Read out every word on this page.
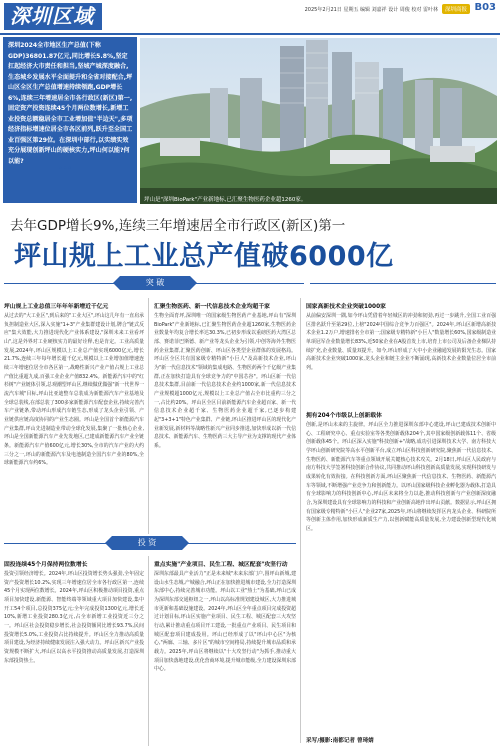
深圳区域	2025年2月21日 星期五 编辑 刘嘉祥 设计 周俊 校对 雷叶林	深圳商报 B03
深圳2024全市地区生产总值(下称GDP)36801.87亿元,同比增长5.8%,坚定扛起经济大市责任和担当,坚城产城深度融合,生态城乡发展水平全面提升和全省对接配合,坪山区全区生产总值增速持续领跑,GDP增长6%,连续三年增速居全市各行政区(新区)第一,固定资产投资连续45个月两位数增长,新增工业投资总额稳居全市工业增加值"半边天",多项经济指标增速位居全市各区前列,跃升至全国工业百强区第29位。在深圳中部行,以实绩实效充分展现创新坪山的硬核实力,坪山何以能?何以能?
•••
坪山是"深圳BioPark"产业新地标,已汇聚生物医药企业超1260家。
去年GDP增长9%,连续三年增速居全市行政区(新区)第一
坪山规上工业总产值破6000亿
突 破
坪山规上工业总值三年年年新增近千亿元
从过去的"大工业区",到后来的"工业大区",坪山这几年有一直肩承负担制造业大区,深入实施"1+3"产业集群建设计划,牌合"链式反应"集大效能,大力推进现代化产业体系建设,"深圳未来工业看坪山",这是外界对工业硬核实力的最好诠释,也是肯定。工业高质量发展,2024年,坪山区规模以上工业总产值实现6000亿元,增长21.7%,连续三年每年增长超千亿元,规模以上工业增加值增速连续三年增速位居全市各区第一,战略性新兴产业产值占规上工业总产值比重超九成,百强工业企业产值832.4%。新能源汽车中的"红杉树"产业链体引领,总观潮型坪山区,继续做优做强"新一代世界一流汽车城"目标,坪山比亚迪整车总装成为新能源汽车产业基地及全球总装线,在部总装了300多家新能源汽车配套企业,持续完善汽车产业链条,带动坪山形成汽车链生态,形成了龙头企业引领、产业链供应链高度协同的产业生态圈。坪山是全国首个新能源汽车产业集群,坪山先进制造业带动全球化发展,集聚了一批核心企业,坪山是全国新能源汽车产业先发地区,已建成新能源汽车产业全链条。新能源汽车产值600亿元,增长30%,全市的汽车产业的大约三分之一,坪山的新能源汽车及电池制造全国汽车产业的80%,全球新能源汽车约6%。
汇聚生物医药、新一代信息技术企业均超千家
生物全面育坪,深圳唯一的国家级生物医药产业基地,坪山有"深圳BioPark"产业新地标,已汇聚生物医药企业超1260家,生物医药企业数量年均复合增长率达30.3%,已初步形成以重磅医药大湾区总部、赛诺菲巴斯德、新产业等龙头企业为引领,中创等海外生物医药企业集群,汇聚医药创新、坪山区各类型企业群体的发展格局。坪山区全区共有国家级专精特新"小巨人"及高新技术企业,坪山为"新一代信息技术"领域的集成电路、生物医药两个千亿级产业集群,正在加快打造具有全球竞争力的"中国芯谷"。坪山区新一代信息技术集群,目前新一代信息技术企业约1000家,新一代信息技术产业规模超1000亿元,规模以上工业总产值占全市比重约三分之一,占比约20%。坪山区全区目前新能源汽车企业超百家、新一代信息技术企业超千家、生物医药企业超千家,已逐步构建起"3+3+1"特色产业集群、产业链,坪山区推进坪山区的现代化产业新发展,新材料等战略性新兴产业同步推进,加快形成以新一代信息技术、新能源汽车、生物医药三大主导产业为支撑的现代产业体系。
国家高新技术企业突破1000家
从前偏安深圳一隅,如今坪山凭借着年轻城区的冲劲和韧劲,再过一步跳升,全国工业百强区排名跃升至第29位,上榜"2024中国综合竞争力百强区"。2024年,坪山区新增高新技术企业1.2万户,增速排名全市第一;国家级专精特新"小巨人"数量增长60%,国家级制造业单项冠军企业数量增长83%,近50家企业在A股首发上市,培育上市公司及后备企业梯队持续扩充,企业数量、质量双提升。如今,坪山形成了大中小企业融通发展的阳光生态。国家高新技术企业突破1000家,龙头企业和链主企业不断涌现,高新技术企业数量位居全市前列。
拥有204个市级以上创新载体
创新,是坪山未来的主旋律。坪山区全力推进深圳东部中心建设,坪山已建成技术创新中心、工程研究中心、重点实验室等各类创新载体204个,其中国家级创新载体11个、省级创新载体45个。坪山区深入实施"科技创新+"战略,成功引进深圳技术大学、南方科技大学坪山创新研究院等高水平创新平台,成立坪山区科技创新研究院,聚焦新一代信息技术、生物医药、新能源汽车等重点领域开展关键核心技术攻关。2月18日,坪山区人民政府与南方科技大学签署科技创新合作协议,共同推动坪山科技创新高质量发展,实现科技研发与成果转化有效衔接。在科技创新方面,坪山区聚焦新一代信息技术、生物医药、新能源汽车等领域,不断增强产业竞争力和创新能力。以坪山国家级科技企业孵化器为载体,打造具有全球影响力的科技创新中心,坪山区未来将全力以赴,推动科技创新与产业创新深度融合,为深圳建设具有全球影响力的科技和产业创新高地作出坪山贡献。数据显示,坪山区拥有国家级专精特新"小巨人"企业27家,2025年,坪山将继续发挥区内龙头企业、科研院所等创新主体作用,加快形成新质生产力,以创新赋能高质量发展,全力建设创新型现代化城区。
采写/摄影:南都记者 曾琦婧
投 资
固投连续45个月保持两位数增长
投资引领经济增长。2024年,坪山区投资增长势头强劲,全年固定资产投资增长10.2%,实现三年增速位居全市各行政区第一,连续45个月实现两位数增长。2024年,坪山区积极推动项目投资,重点项目加快建设,新能源、智能终端等领域重大项目加快建设,集中开工54个项目,总投资375亿元;全年完成投资1300亿元,增长近10%,新增工业投资280.3亿元,占全市新增工业投资近三分之一。坪山区社会投资稳步增长,社会投资额同比增长93.7%,民间投资增长5.0%,工业投资占比持续提升。坪山区全力推动高质量项目建设,为经济持续健康发展注入强大动力。坪山区新兴产业投资规模不断扩大,坪山区以高水平投资推动高质量发展,打造深圳东部投资热土。
重点实施"产业项目、民生工程、城区配套"攻坚行动
深圳东部最具产业活力"正是未来城"未来东部门户,围坪山新城,建设山水生态城,产城融合,坪山正在加快推进城市建设,全力打造深圳东部中心,持续完善城市功能。坪山以工业"热土"为基础,坪山已成为深圳东部交通枢纽之一,坪山以高标准规划建设城区,大力推进城市更新和基础设施建设。2024年,坪山区全年重点项目完成投资超过计划目标,坪山区实施产业项目、民生工程、城区配套三大攻坚行动,累计推动重点项目开工建设,一批重点产业项目、民生项目和城区配套项目建成投用。坪山已经形成了以"坪山中心区"为核心,"两廊、三轴、多片区"的城市空间格局,持续提升城市品质和承载力。2025年,坪山区将继续以"十大攻坚行动"为抓手,推动重大项目加快落地建设,优化营商环境,提升城市能级,全力建设深圳东部中心。
